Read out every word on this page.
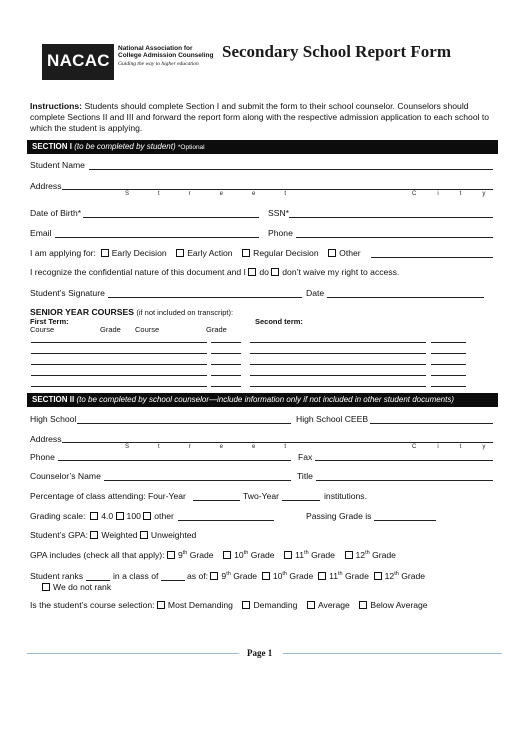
NACAC
National Association for
College Admission Counseling
Guiding the way to higher education
Secondary School Report Form
Instructions: Students should complete Section I and submit the form to their school counselor. Counselors should
complete Sections II and III and forward the report form along with the respective admission application to each school to
which the student is applying.
SECTION I (to be completed by student) *Optional
Student Name
Address
Street	City
Date of Birth*	SSN*
Email	Phone
I am applying for: Early Decision Early Action Regular Decision Other
I recognize the confidential nature of this document and I do don’t waive my right to access.
Student’s Signature	Date
SENIOR YEAR COURSES (if not included on transcript):
First Term:	Second term:
Course	Grade Course	Grade
SECTION II (to be completed by school counselor—include information only if not included in other student documents)
High School	High School CEEB
Address
Street	City
Phone	Fax
Counselor’s Name	Title
Percentage of class attending: Four-Year	Two-Year	institutions.
Grading scale: 4.0 100 other	Passing Grade is
Student’s GPA: Weighted Unweighted
GPA includes (check all that apply): 9th Grade 10th Grade 11th Grade 12th Grade
Student ranks	in a class of	as of: 9th Grade 10th Grade 11th Grade 12th Grade
We do not rank
Is the student’s course selection: Most Demanding Demanding Average Below Average
Page 1
